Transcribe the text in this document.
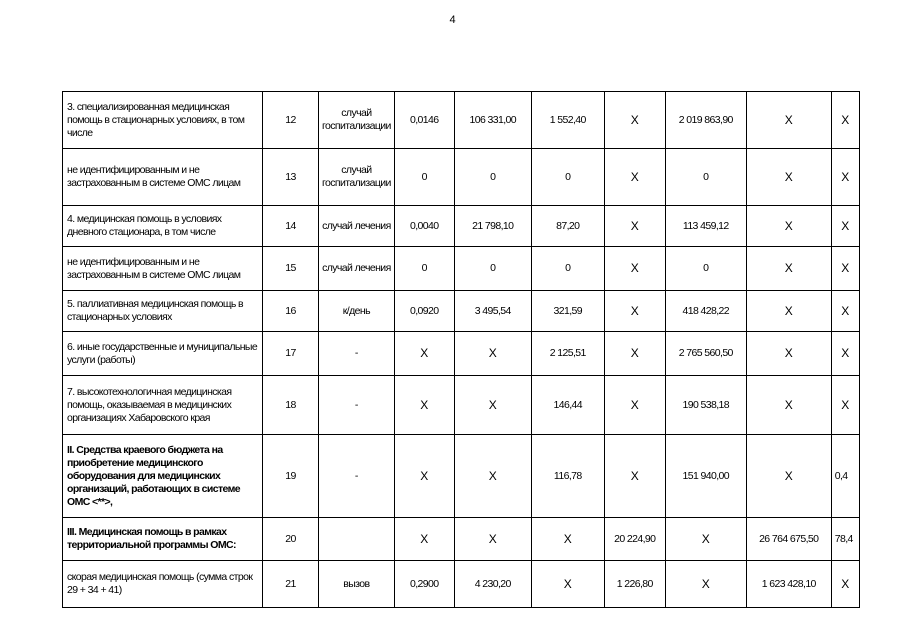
4
3. специализированная медицинская помощь в стационарных условиях, в том числе	12	случай госпитализации	0,0146	106 331,00	1 552,40	Х	2 019 863,90	Х	Х
не идентифицированным и не застрахованным в системе ОМС лицам	13	случай госпитализации	0	0	0	Х	0	Х	Х
4. медицинская помощь в условиях дневного стационара, в том числе	14	случай лечения	0,0040	21 798,10	87,20	Х	113 459,12	Х	Х
не идентифицированным и не застрахованным в системе ОМС лицам	15	случай лечения	0	0	0	Х	0	Х	Х
5. паллиативная медицинская помощь в стационарных условиях	16	к/день	0,0920	3 495,54	321,59	Х	418 428,22	Х	Х
6. иные государственные и муниципальные услуги (работы)	17	-	Х	Х	2 125,51	Х	2 765 560,50	Х	Х
7. высокотехнологичная медицинская помощь, оказываемая в медицинских организациях Хабаровского края	18	-	Х	Х	146,44	Х	190 538,18	Х	Х
II. Средства краевого бюджета на приобретение медицинского оборудования для медицинских организаций, работающих в системе ОМС <**>,	19	-	Х	Х	116,78	Х	151 940,00	Х	0,4
III. Медицинская помощь в рамках территориальной программы ОМС:	20		Х	Х	Х	20 224,90	Х	26 764 675,50	78,4
скорая медицинская помощь (сумма строк 29 + 34 + 41)	21	вызов	0,2900	4 230,20	Х	1 226,80	Х	1 623 428,10	Х
